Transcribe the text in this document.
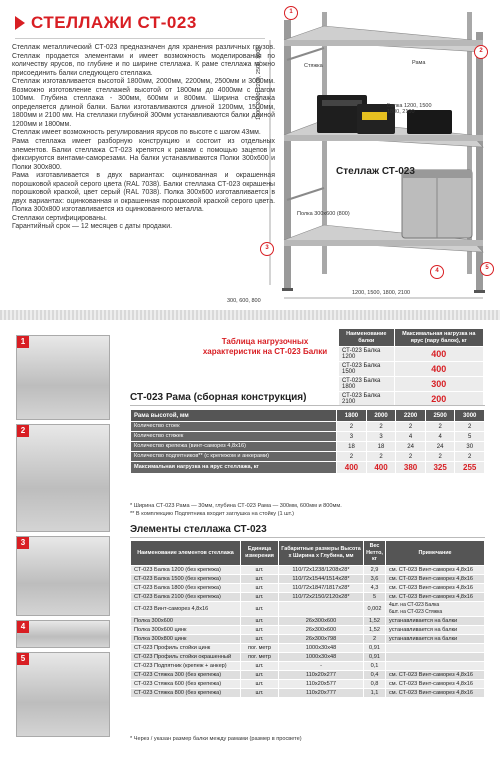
СТЕЛЛАЖИ СТ-023

Стеллаж металлический СТ-023 предназначен для хранения различных грузов. Стеллаж продается элементами и имеет возможность моделирования по количеству ярусов, по глубине и по ширине стеллажа. К раме стеллажа можно присоединить балки следующего стеллажа.

Стеллаж изготавливается высотой 1800мм, 2000мм, 2200мм, 2500мм и 3000мм. Возможно изготовление стеллажей высотой от 1800мм до 4000мм с шагом 100мм. Глубина стеллажа - 300мм, 600мм и 800мм. Ширина стеллажа определяется длиной балки. Балки изготавливаются длиной 1200мм, 1500мм, 1800мм и 2100 мм. На стеллажи глубиной 300мм устанавливаются балки длиной 1200мм и 1800мм.

Стеллаж имеет возможность регулирования ярусов по высоте с шагом 43мм.

Рама стеллажа имеет разборную конструкцию и состоит из отдельных элементов. Балки стеллажа СТ-023 крепятся к рамам с помощью зацепов и фиксируются винтами-саморезами. На балки устанавливаются Полки 300х600 и Полки 300х800.

Рама изготавливается в двух вариантах: оцинкованная и окрашенная порошковой краской серого цвета (RAL 7038). Балки стеллажа СТ-023 окрашены порошковой краской, цвет серый (RAL 7038). Полка 300х600 изготавливается в двух вариантах: оцинкованная и окрашенная порошковой краской серого цвета. Полка 300х800 изготавливается из оцинкованного металла.

Стеллажи сертифицированы.

Гарантийный срок — 12 месяцев с даты продажи.

Стяжка	Рама
Балка 1200, 1500
1800, 2100
Полка 300х600 (800)
Стеллаж СТ-023
1800, 2000, 2200, 2500, 3000
1200, 1500, 1800, 2100
300, 600, 800
1
2
3
4	5
1
2
3
4
5
Таблица нагрузочных характеристик на СТ-023 Балки
Наименование балки	Максимальная нагрузка на ярус (пару балок), кг
СТ-023 Балка 1200	400
СТ-023 Балка 1500	400
СТ-023 Балка 1800	300
СТ-023 Балка 2100	200
СТ-023 Рама (сборная конструкция)
Рама высотой, мм	1800	2000	2200	2500	3000
Количество стоек	2	2	2	2	2
Количество стяжек	3	3	4	4	5
Количество крепежа (винт-саморез 4,8х16)	18	18	24	24	30
Количество подпятников** (с крепежом и анкерами)	2	2	2	2	2
Максимальная нагрузка на ярус стеллажа, кг	400	400	380	325	255
* Ширина СТ-023 Рама — 30мм, глубина СТ-023 Рама — 300мм, 600мм и 800мм.
** В комплекцию Подпятника входит заглушка на стойку (1 шт.)
Элементы стеллажа СТ-023
Наименование элементов стеллажа	Единица измерения	Габаритные размеры Высота х Ширина х Глубина, мм	Вес Нетто, кг	Примечание
СТ-023 Балка 1200 (без крепежа)	шт.	110/72х1238/1208х28*	2,9	см. СТ-023 Винт-саморез 4,8х16
СТ-023 Балка 1500 (без крепежа)	шт.	110/72х1544/1514х28*	3,6	см. СТ-023 Винт-саморез 4,8х16
СТ-023 Балка 1800 (без крепежа)	шт.	110/72х1847/1817х28*	4,3	см. СТ-023 Винт-саморез 4,8х16
СТ-023 Балка 2100 (без крепежа)	шт.	110/72х2150/2120х28*	5	см. СТ-023 Винт-саморез 4,8х16
СТ-023 Винт-саморез 4,8х16	шт.		0,002	4шт. на СТ-023 Балка
6шт. на СТ-023 Стяжка
Полка 300х600	шт.	26х300х600	1,52	устанавливается на балки
Полка 300х600 цинк	шт.	26х300х600	1,52	устанавливается на балки
Полка 300х800 цинк	шт.	26х300х798	2	устанавливается на балки
СТ-023 Профиль стойки цинк	пог. метр	1000х30х48	0,91	
СТ-023 Профиль стойки окрашенный	пог. метр	1000х30х48	0,91	
СТ-023 Подпятник (крепеж + анкер)	шт.	-	0,1	
СТ-023 Стяжка 300 (без крепежа)	шт.	110х20х277	0,4	см. СТ-023 Винт-саморез 4,8х16
СТ-023 Стяжка 600 (без крепежа)	шт.	110х20х577	0,8	см. СТ-023 Винт-саморез 4,8х16
СТ-023 Стяжка 800 (без крепежа)	шт.	110х20х777	1,1	см. СТ-023 Винт-саморез 4,8х16
* Через / указан размер балки между рамами (размер в просвете)
